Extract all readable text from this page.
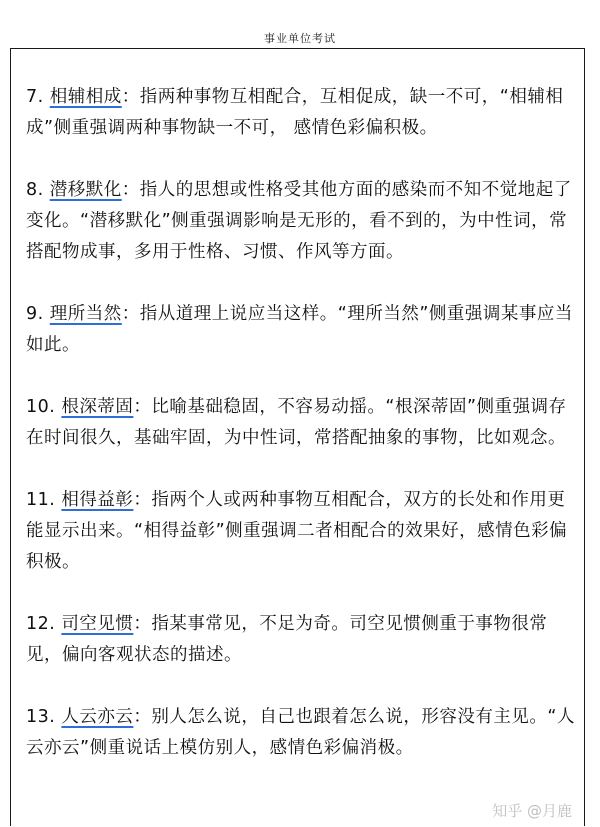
事业单位考试

7. 相辅相成：指两种事物互相配合，互相促成，缺一不可，“相辅相成”侧重强调两种事物缺一不可， 感情色彩偏积极。

8. 潜移默化：指人的思想或性格受其他方面的感染而不知不觉地起了变化。“潜移默化”侧重强调影响是无形的，看不到的，为中性词，常搭配物成事，多用于性格、习惯、作风等方面。

9. 理所当然：指从道理上说应当这样。“理所当然”侧重强调某事应当如此。

10. 根深蒂固：比喻基础稳固，不容易动摇。“根深蒂固”侧重强调存在时间很久，基础牢固，为中性词，常搭配抽象的事物，比如观念。

11. 相得益彰：指两个人或两种事物互相配合，双方的长处和作用更能显示出来。“相得益彰”侧重强调二者相配合的效果好，感情色彩偏积极。

12. 司空见惯：指某事常见，不足为奇。司空见惯侧重于事物很常见，偏向客观状态的描述。

13. 人云亦云：别人怎么说，自己也跟着怎么说，形容没有主见。“人云亦云”侧重说话上模仿别人，感情色彩偏消极。

知乎 @月鹿
